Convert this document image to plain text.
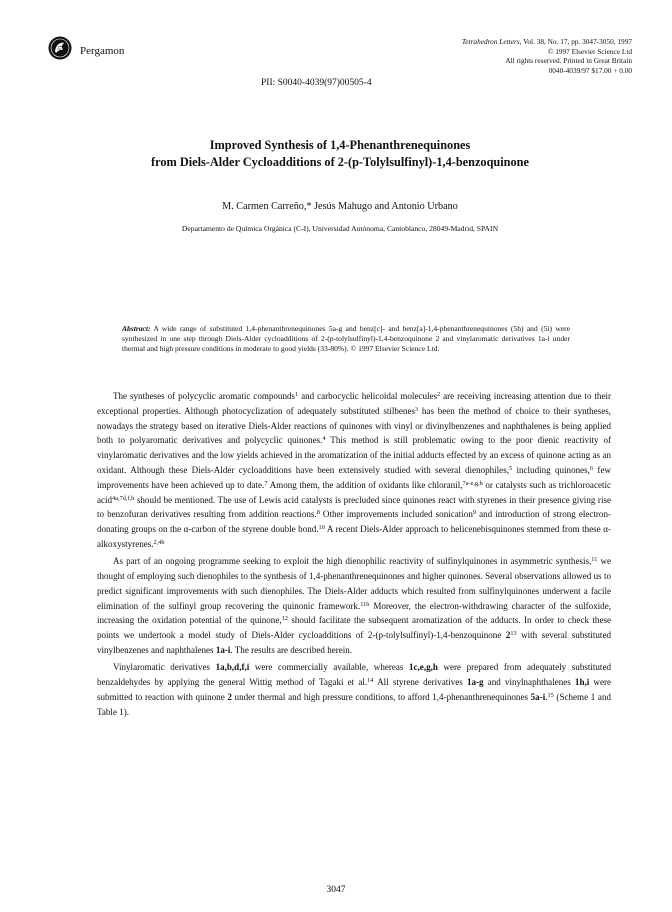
Pergamon
Tetrahedron Letters, Vol. 38, No. 17, pp. 3047-3050, 1997
© 1997 Elsevier Science Ltd
All rights reserved. Printed in Great Britain
0040-4039/97 $17.00 + 0.00
PII: S0040-4039(97)00505-4
Improved Synthesis of 1,4-Phenanthrenequinones
from Diels-Alder Cycloadditions of 2-(p-Tolylsulfinyl)-1,4-benzoquinone
M. Carmen Carreño,* Jesús Mahugo and Antonio Urbano
Departamento de Química Orgánica (C-I), Universidad Autónoma, Cantoblanco, 28049-Madrid, SPAIN
Abstract: A wide range of substituted 1,4-phenanthrenequinones 5a-g and benz[c]- and benz[a]-1,4-phenanthrenequinones (5h) and (5i) were synthesized in one step through Diels-Alder cycloadditions of 2-(p-tolylsulfinyl)-1,4-benzoquinone 2 and vinylaromatic derivatives 1a-i under thermal and high pressure conditions in moderate to good yields (33-80%). © 1997 Elsevier Science Ltd.

The syntheses of polycyclic aromatic compounds$^1$ and carbocyclic helicoidal molecules$^2$ are receiving increasing attention due to their exceptional properties. Although photocyclization of adequately substituted stilbenes$^3$ has been the method of choice to their syntheses, nowadays the strategy based on iterative Diels-Alder reactions of quinones with vinyl or divinylbenzenes and naphthalenes is being applied both to polyaromatic derivatives and polycyclic quinones.$^4$ This method is still problematic owing to the poor dienic reactivity of vinylaromatic derivatives and the low yields achieved in the aromatization of the initial adducts effected by an excess of quinone acting as an oxidant. Although these Diels-Alder cycloadditions have been extensively studied with several dienophiles,$^5$ including quinones,$^6$ few improvements have been achieved up to date.$^7$ Among them, the addition of oxidants like chloranil,$^{7a-e,g,h}$ or catalysts such as trichloroacetic acid$^{4a,7d,f,h}$ should be mentioned. The use of Lewis acid catalysts is precluded since quinones react with styrenes in their presence giving rise to benzofuran derivatives resulting from addition reactions.$^8$ Other improvements included sonication$^9$ and introduction of strong electron-donating groups on the α-carbon of the styrene double bond.$^{10}$ A recent Diels-Alder approach to helicenebisquinones stemmed from these α-alkoxystyrenes.$^{2,4b}$

As part of an ongoing programme seeking to exploit the high dienophilic reactivity of sulfinylquinones in asymmetric synthesis,$^{11}$ we thought of employing such dienophiles to the synthesis of 1,4-phenanthrenequinones and higher quinones. Several observations allowed us to predict significant improvements with such dienophiles. The Diels-Alder adducts which resulted from sulfinylquinones underwent a facile elimination of the sulfinyl group recovering the quinonic framework.$^{11b}$ Moreover, the electron-withdrawing character of the sulfoxide, increasing the oxidation potential of the quinone,$^{12}$ should facilitate the subsequent aromatization of the adducts. In order to check these points we undertook a model study of Diels-Alder cycloadditions of 2-(p-tolylsulfinyl)-1,4-benzoquinone $2^{13}$ with several substituted vinylbenzenes and naphthalenes 1a-i. The results are described herein.

Vinylaromatic derivatives 1a,b,d,f,i were commercially available, whereas 1c,e,g,h were prepared from adequately substituted benzaldehydes by applying the general Wittig method of Tagaki et al.$^{14}$ All styrene derivatives 1a-g and vinylnaphthalenes 1h,i were submitted to reaction with quinone 2 under thermal and high pressure conditions, to afford 1,4-phenanthrenequinones 5a-i.$^{15}$ (Scheme 1 and Table 1).

3047
